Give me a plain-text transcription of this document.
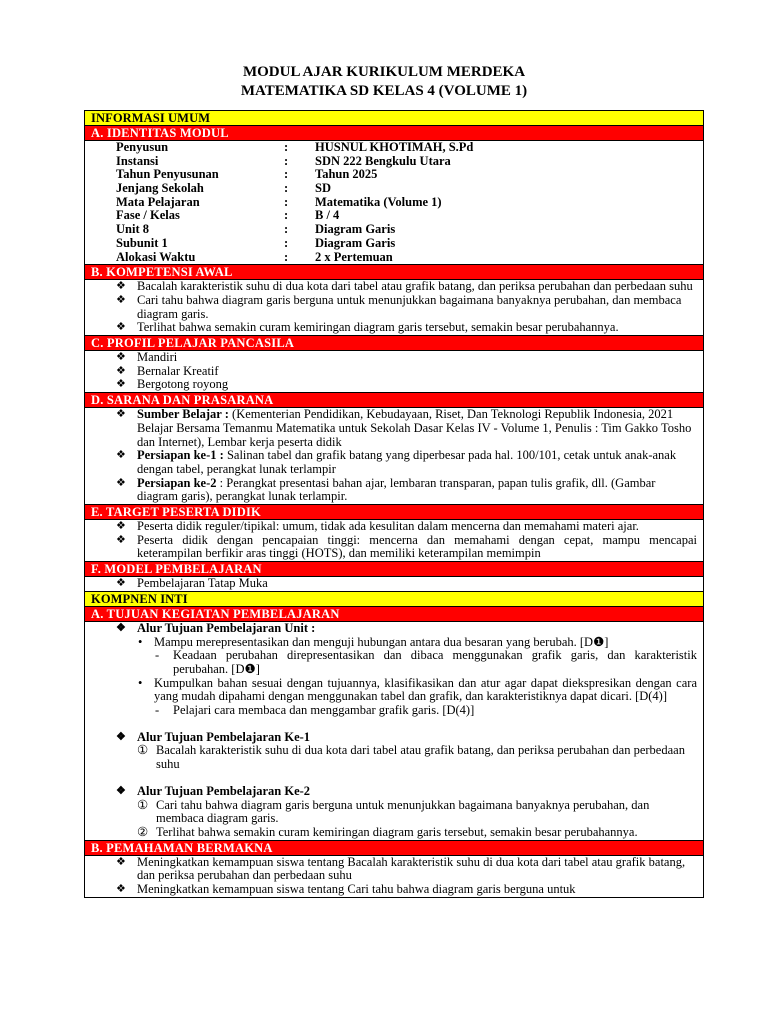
MODUL AJAR KURIKULUM MERDEKA
MATEMATIKA SD KELAS 4 (VOLUME 1)
INFORMASI UMUM
A. IDENTITAS MODUL
Penyusun	:	HUSNUL KHOTIMAH, S.Pd
Instansi	:	SDN 222 Bengkulu Utara
Tahun Penyusunan	:	Tahun 2025
Jenjang Sekolah	:	SD
Mata Pelajaran	:	Matematika (Volume 1)
Fase / Kelas	:	B / 4
Unit 8	:	Diagram Garis
Subunit 1	:	Diagram Garis
Alokasi Waktu	:	2 x Pertemuan
B. KOMPETENSI AWAL
❖ Bacalah karakteristik suhu di dua kota dari tabel atau grafik batang, dan periksa perubahan dan perbedaan suhu
❖ Cari tahu bahwa diagram garis berguna untuk menunjukkan bagaimana banyaknya perubahan, dan membaca diagram garis.
❖ Terlihat bahwa semakin curam kemiringan diagram garis tersebut, semakin besar perubahannya.
C. PROFIL PELAJAR PANCASILA
❖ Mandiri
❖ Bernalar Kreatif
❖ Bergotong royong
D. SARANA DAN PRASARANA
❖ Sumber Belajar : (Kementerian Pendidikan, Kebudayaan, Riset, Dan Teknologi Republik Indonesia, 2021 Belajar Bersama Temanmu Matematika untuk Sekolah Dasar Kelas IV - Volume 1, Penulis : Tim Gakko Tosho dan Internet), Lembar kerja peserta didik
❖ Persiapan ke-1 : Salinan tabel dan grafik batang yang diperbesar pada hal. 100/101, cetak untuk anak-anak dengan tabel, perangkat lunak terlampir
❖ Persiapan ke-2 : Perangkat presentasi bahan ajar, lembaran transparan, papan tulis grafik, dll. (Gambar diagram garis), perangkat lunak terlampir.
E. TARGET PESERTA DIDIK
❖ Peserta didik reguler/tipikal: umum, tidak ada kesulitan dalam mencerna dan memahami materi ajar.
❖ Peserta didik dengan pencapaian tinggi: mencerna dan memahami dengan cepat, mampu mencapai keterampilan berfikir aras tinggi (HOTS), dan memiliki keterampilan memimpin
F. MODEL PEMBELAJARAN
❖ Pembelajaran Tatap Muka
KOMPNEN INTI
A. TUJUAN KEGIATAN PEMBELAJARAN
❖ Alur Tujuan Pembelajaran Unit :
• Mampu merepresentasikan dan menguji hubungan antara dua besaran yang berubah. [D❶]
- Keadaan perubahan direpresentasikan dan dibaca menggunakan grafik garis, dan karakteristik perubahan. [D❶]
• Kumpulkan bahan sesuai dengan tujuannya, klasifikasikan dan atur agar dapat diekspresikan dengan cara yang mudah dipahami dengan menggunakan tabel dan grafik, dan karakteristiknya dapat dicari. [D(4)]
- Pelajari cara membaca dan menggambar grafik garis. [D(4)]
❖ Alur Tujuan Pembelajaran Ke-1
① Bacalah karakteristik suhu di dua kota dari tabel atau grafik batang, dan periksa perubahan dan perbedaan suhu
❖ Alur Tujuan Pembelajaran Ke-2
① Cari tahu bahwa diagram garis berguna untuk menunjukkan bagaimana banyaknya perubahan, dan membaca diagram garis.
② Terlihat bahwa semakin curam kemiringan diagram garis tersebut, semakin besar perubahannya.
B. PEMAHAMAN BERMAKNA
❖ Meningkatkan kemampuan siswa tentang Bacalah karakteristik suhu di dua kota dari tabel atau grafik batang, dan periksa perubahan dan perbedaan suhu
❖ Meningkatkan kemampuan siswa tentang Cari tahu bahwa diagram garis berguna untuk
